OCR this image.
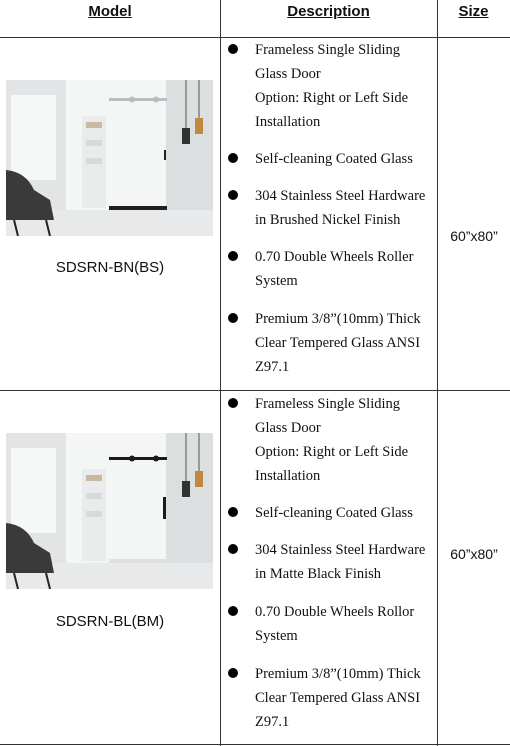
Model	Description	Size
SDSRN-BN(BS)
Frameless Single Sliding
Glass Door
Option: Right or Left Side
Installation
Self-cleaning Coated Glass
304 Stainless Steel Hardware
in Brushed Nickel Finish
0.70 Double Wheels Roller
System
Premium 3/8”(10mm) Thick
Clear Tempered Glass ANSI
Z97.1
60”x80”
SDSRN-BL(BM)
Frameless Single Sliding
Glass Door
Option: Right or Left Side
Installation
Self-cleaning Coated Glass
304 Stainless Steel Hardware
in Matte Black Finish
0.70 Double Wheels Rollor
System
Premium 3/8”(10mm) Thick
Clear Tempered Glass ANSI
Z97.1
60”x80”
